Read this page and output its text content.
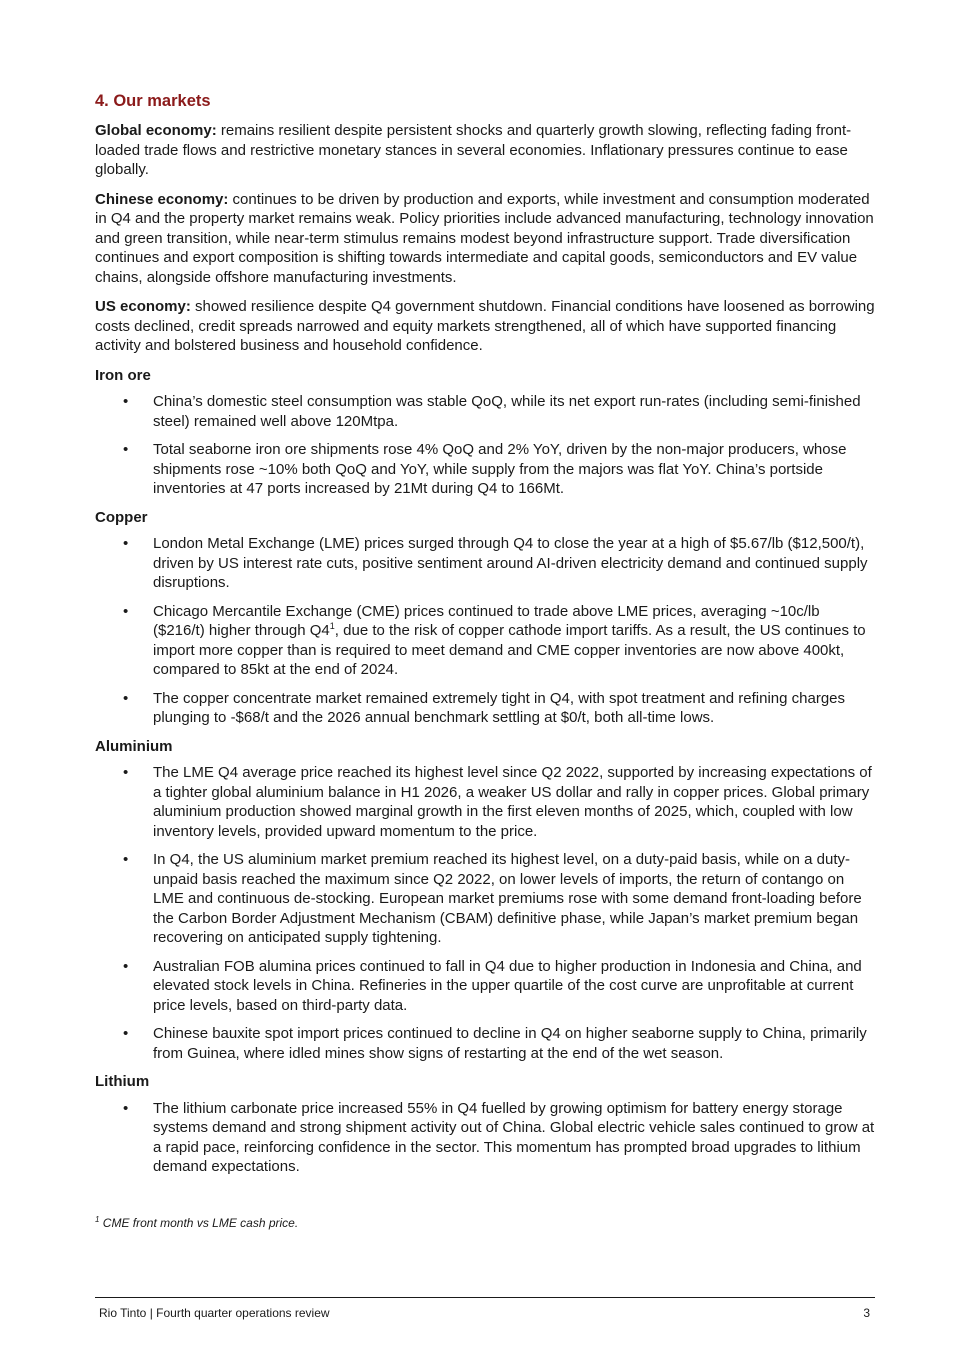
4. Our markets

Global economy: remains resilient despite persistent shocks and quarterly growth slowing, reflecting fading front-loaded trade flows and restrictive monetary stances in several economies. Inflationary pressures continue to ease globally.

Chinese economy: continues to be driven by production and exports, while investment and consumption moderated in Q4 and the property market remains weak. Policy priorities include advanced manufacturing, technology innovation and green transition, while near-term stimulus remains modest beyond infrastructure support. Trade diversification continues and export composition is shifting towards intermediate and capital goods, semiconductors and EV value chains, alongside offshore manufacturing investments.

US economy: showed resilience despite Q4 government shutdown. Financial conditions have loosened as borrowing costs declined, credit spreads narrowed and equity markets strengthened, all of which have supported financing activity and bolstered business and household confidence.

Iron ore
• China’s domestic steel consumption was stable QoQ, while its net export run-rates (including semi-finished steel) remained well above 120Mtpa.
• Total seaborne iron ore shipments rose 4% QoQ and 2% YoY, driven by the non-major producers, whose shipments rose ~10% both QoQ and YoY, while supply from the majors was flat YoY. China’s portside inventories at 47 ports increased by 21Mt during Q4 to 166Mt.
Copper
• London Metal Exchange (LME) prices surged through Q4 to close the year at a high of $5.67/lb ($12,500/t), driven by US interest rate cuts, positive sentiment around AI-driven electricity demand and continued supply disruptions.
• Chicago Mercantile Exchange (CME) prices continued to trade above LME prices, averaging ~10c/lb ($216/t) higher through $Q4^1$, due to the risk of copper cathode import tariffs. As a result, the US continues to import more copper than is required to meet demand and CME copper inventories are now above 400kt, compared to 85kt at the end of 2024.
• The copper concentrate market remained extremely tight in Q4, with spot treatment and refining charges plunging to -$68/t and the 2026 annual benchmark settling at $0/t, both all-time lows.
Aluminium
• The LME Q4 average price reached its highest level since Q2 2022, supported by increasing expectations of a tighter global aluminium balance in H1 2026, a weaker US dollar and rally in copper prices. Global primary aluminium production showed marginal growth in the first eleven months of 2025, which, coupled with low inventory levels, provided upward momentum to the price.
• In Q4, the US aluminium market premium reached its highest level, on a duty-paid basis, while on a duty-unpaid basis reached the maximum since Q2 2022, on lower levels of imports, the return of contango on LME and continuous de-stocking. European market premiums rose with some demand front-loading before the Carbon Border Adjustment Mechanism (CBAM) definitive phase, while Japan’s market premium began recovering on anticipated supply tightening.
• Australian FOB alumina prices continued to fall in Q4 due to higher production in Indonesia and China, and elevated stock levels in China. Refineries in the upper quartile of the cost curve are unprofitable at current price levels, based on third-party data.
• Chinese bauxite spot import prices continued to decline in Q4 on higher seaborne supply to China, primarily from Guinea, where idled mines show signs of restarting at the end of the wet season.
Lithium
• The lithium carbonate price increased 55% in Q4 fuelled by growing optimism for battery energy storage systems demand and strong shipment activity out of China. Global electric vehicle sales continued to grow at a rapid pace, reinforcing confidence in the sector. This momentum has prompted broad upgrades to lithium demand expectations.
$^1$ CME front month vs LME cash price.
Rio Tinto | Fourth quarter operations review	3
